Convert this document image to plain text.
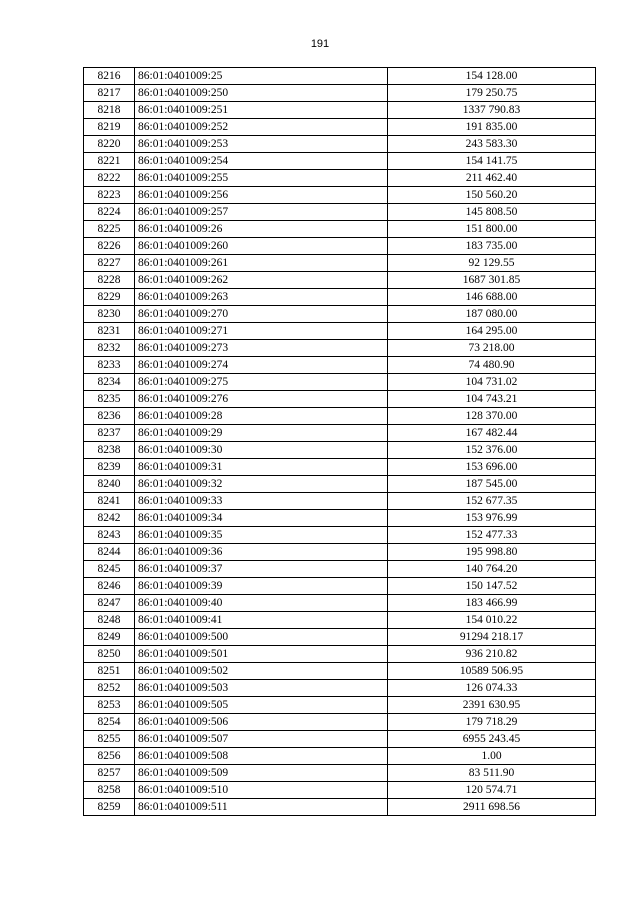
191
8216	86:01:0401009:25	154 128.00
8217	86:01:0401009:250	179 250.75
8218	86:01:0401009:251	1337 790.83
8219	86:01:0401009:252	191 835.00
8220	86:01:0401009:253	243 583.30
8221	86:01:0401009:254	154 141.75
8222	86:01:0401009:255	211 462.40
8223	86:01:0401009:256	150 560.20
8224	86:01:0401009:257	145 808.50
8225	86:01:0401009:26	151 800.00
8226	86:01:0401009:260	183 735.00
8227	86:01:0401009:261	92 129.55
8228	86:01:0401009:262	1687 301.85
8229	86:01:0401009:263	146 688.00
8230	86:01:0401009:270	187 080.00
8231	86:01:0401009:271	164 295.00
8232	86:01:0401009:273	73 218.00
8233	86:01:0401009:274	74 480.90
8234	86:01:0401009:275	104 731.02
8235	86:01:0401009:276	104 743.21
8236	86:01:0401009:28	128 370.00
8237	86:01:0401009:29	167 482.44
8238	86:01:0401009:30	152 376.00
8239	86:01:0401009:31	153 696.00
8240	86:01:0401009:32	187 545.00
8241	86:01:0401009:33	152 677.35
8242	86:01:0401009:34	153 976.99
8243	86:01:0401009:35	152 477.33
8244	86:01:0401009:36	195 998.80
8245	86:01:0401009:37	140 764.20
8246	86:01:0401009:39	150 147.52
8247	86:01:0401009:40	183 466.99
8248	86:01:0401009:41	154 010.22
8249	86:01:0401009:500	91294 218.17
8250	86:01:0401009:501	936 210.82
8251	86:01:0401009:502	10589 506.95
8252	86:01:0401009:503	126 074.33
8253	86:01:0401009:505	2391 630.95
8254	86:01:0401009:506	179 718.29
8255	86:01:0401009:507	6955 243.45
8256	86:01:0401009:508	1.00
8257	86:01:0401009:509	83 511.90
8258	86:01:0401009:510	120 574.71
8259	86:01:0401009:511	2911 698.56
